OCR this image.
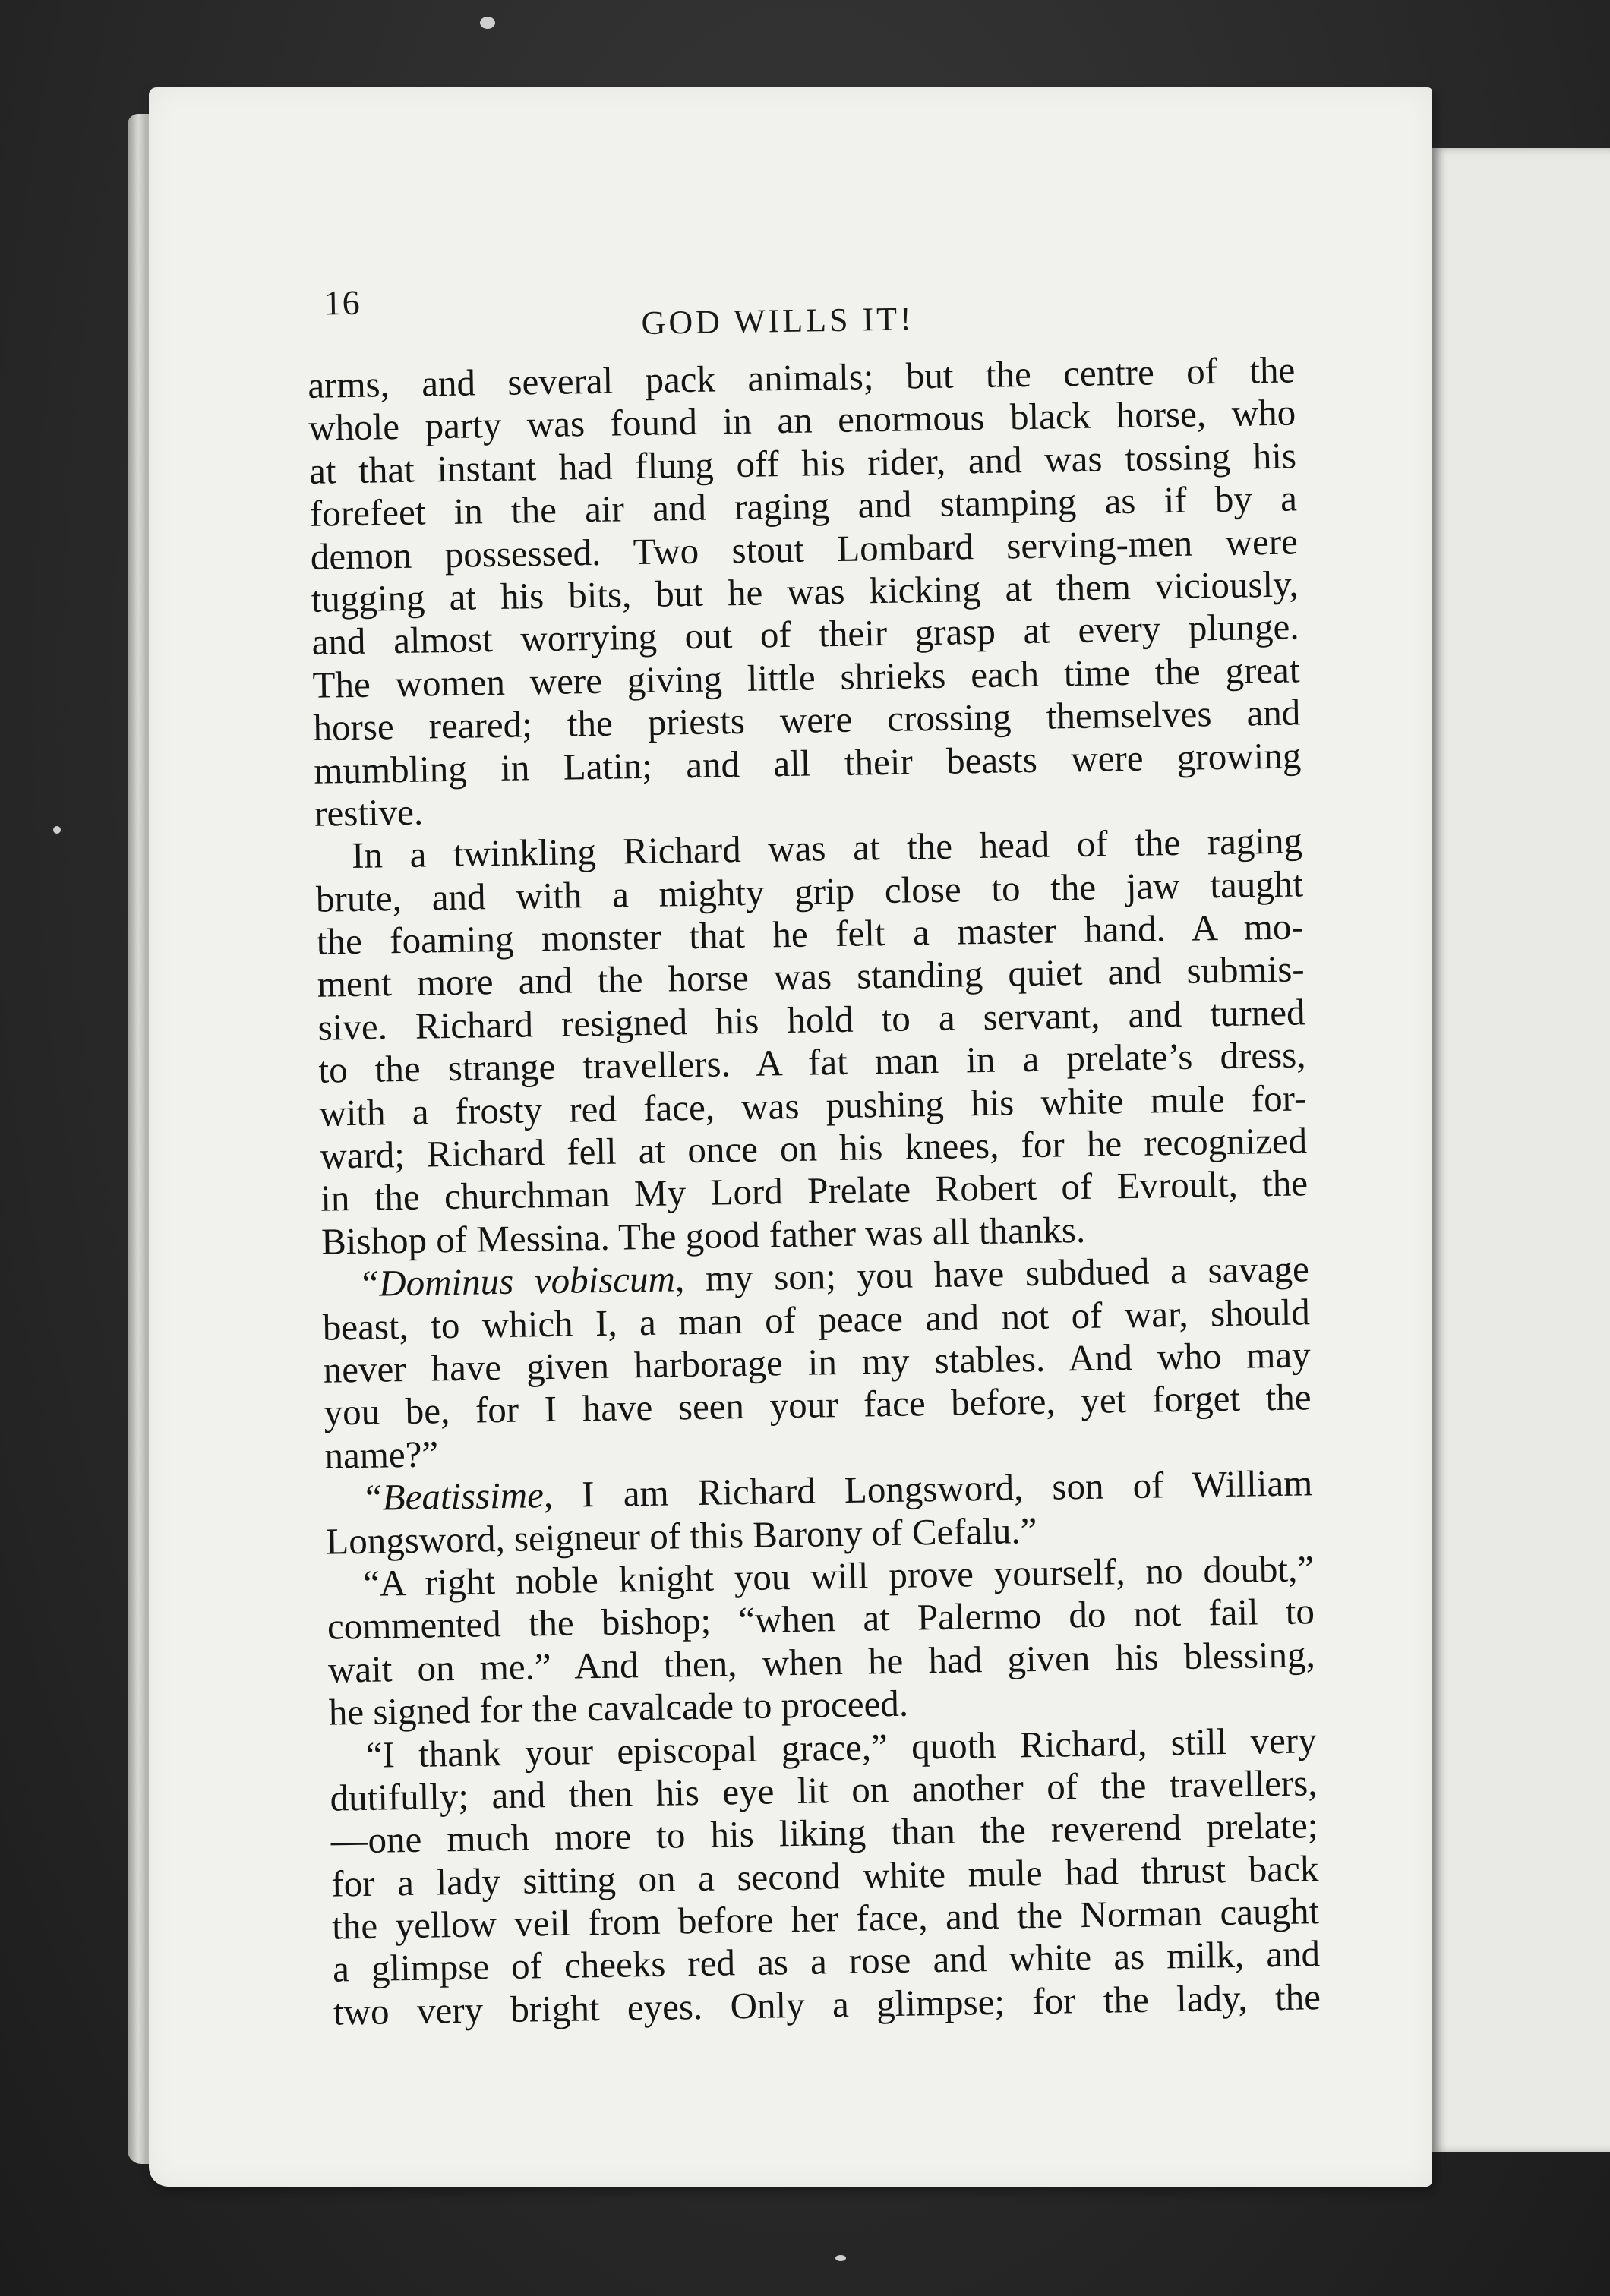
16	GOD WILLS IT!
arms, and several pack animals; but the centre of the
whole party was found in an enormous black horse, who
at that instant had flung off his rider, and was tossing his
forefeet in the air and raging and stamping as if by a
demon possessed. Two stout Lombard serving-men were
tugging at his bits, but he was kicking at them viciously,
and almost worrying out of their grasp at every plunge.
The women were giving little shrieks each time the great
horse reared; the priests were crossing themselves and
mumbling in Latin; and all their beasts were growing
restive.
In a twinkling Richard was at the head of the raging
brute, and with a mighty grip close to the jaw taught
the foaming monster that he felt a master hand. A mo-
ment more and the horse was standing quiet and submis-
sive. Richard resigned his hold to a servant, and turned
to the strange travellers. A fat man in a prelate’s dress,
with a frosty red face, was pushing his white mule for-
ward; Richard fell at once on his knees, for he recognized
in the churchman My Lord Prelate Robert of Evroult, the
Bishop of Messina. The good father was all thanks.
“Dominus vobiscum, my son; you have subdued a savage
beast, to which I, a man of peace and not of war, should
never have given harborage in my stables. And who may
you be, for I have seen your face before, yet forget the
name?”
“Beatissime, I am Richard Longsword, son of William
Longsword, seigneur of this Barony of Cefalu.”
“A right noble knight you will prove yourself, no doubt,”
commented the bishop; “when at Palermo do not fail to
wait on me.” And then, when he had given his blessing,
he signed for the cavalcade to proceed.
“I thank your episcopal grace,” quoth Richard, still very
dutifully; and then his eye lit on another of the travellers,
—one much more to his liking than the reverend prelate;
for a lady sitting on a second white mule had thrust back
the yellow veil from before her face, and the Norman caught
a glimpse of cheeks red as a rose and white as milk, and
two very bright eyes. Only a glimpse; for the lady, the
